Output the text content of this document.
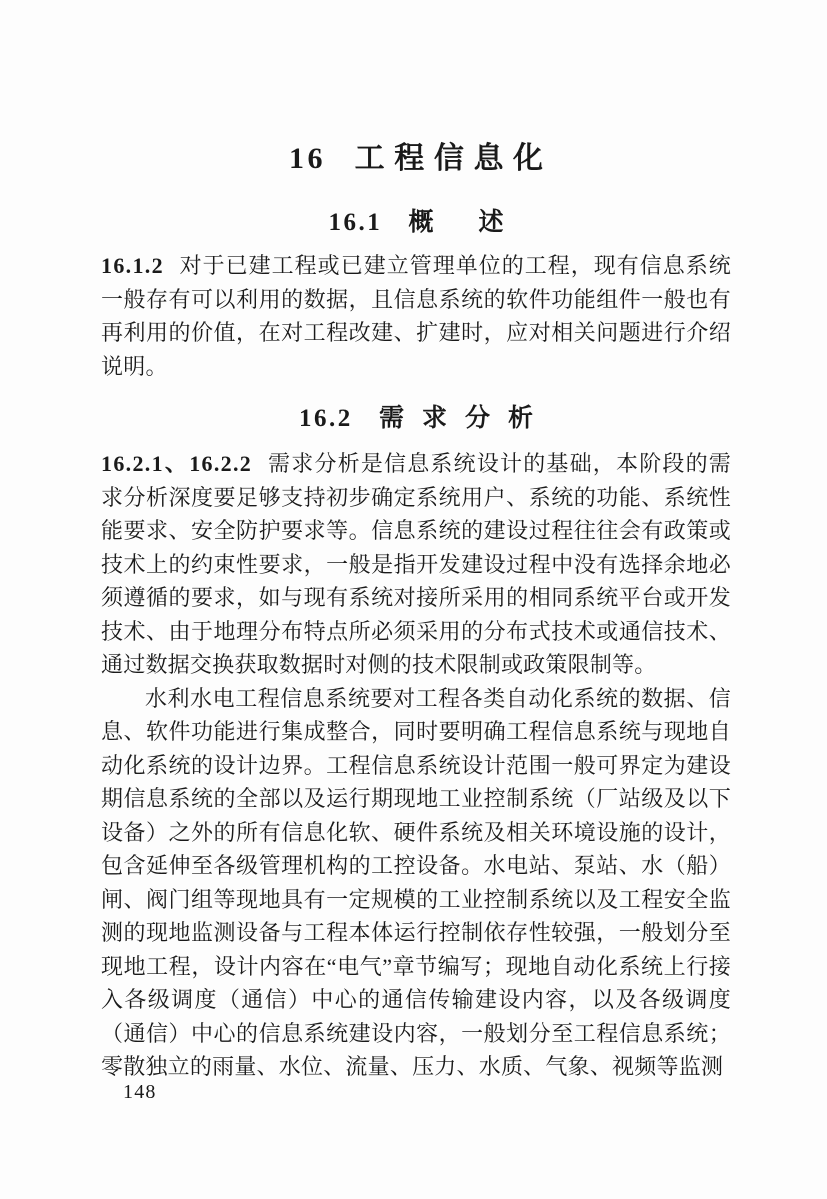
16 工程信息化
16.1 概述

16.1.2 对于已建工程或已建立管理单位的工程，现有信息系统一般存有可以利用的数据，且信息系统的软件功能组件一般也有再利用的价值，在对工程改建、扩建时，应对相关问题进行介绍说明。

16.2 需求分析

16.2.1、16.2.2 需求分析是信息系统设计的基础，本阶段的需求分析深度要足够支持初步确定系统用户、系统的功能、系统性能要求、安全防护要求等。信息系统的建设过程往往会有政策或技术上的约束性要求，一般是指开发建设过程中没有选择余地必须遵循的要求，如与现有系统对接所采用的相同系统平台或开发技术、由于地理分布特点所必须采用的分布式技术或通信技术、通过数据交换获取数据时对侧的技术限制或政策限制等。

水利水电工程信息系统要对工程各类自动化系统的数据、信息、软件功能进行集成整合，同时要明确工程信息系统与现地自动化系统的设计边界。工程信息系统设计范围一般可界定为建设期信息系统的全部以及运行期现地工业控制系统（厂站级及以下设备）之外的所有信息化软、硬件系统及相关环境设施的设计，包含延伸至各级管理机构的工控设备。水电站、泵站、水（船）闸、阀门组等现地具有一定规模的工业控制系统以及工程安全监测的现地监测设备与工程本体运行控制依存性较强，一般划分至现地工程，设计内容在“电气”章节编写；现地自动化系统上行接入各级调度（通信）中心的通信传输建设内容，以及各级调度（通信）中心的信息系统建设内容，一般划分至工程信息系统；零散独立的雨量、水位、流量、压力、水质、气象、视频等监测

148
